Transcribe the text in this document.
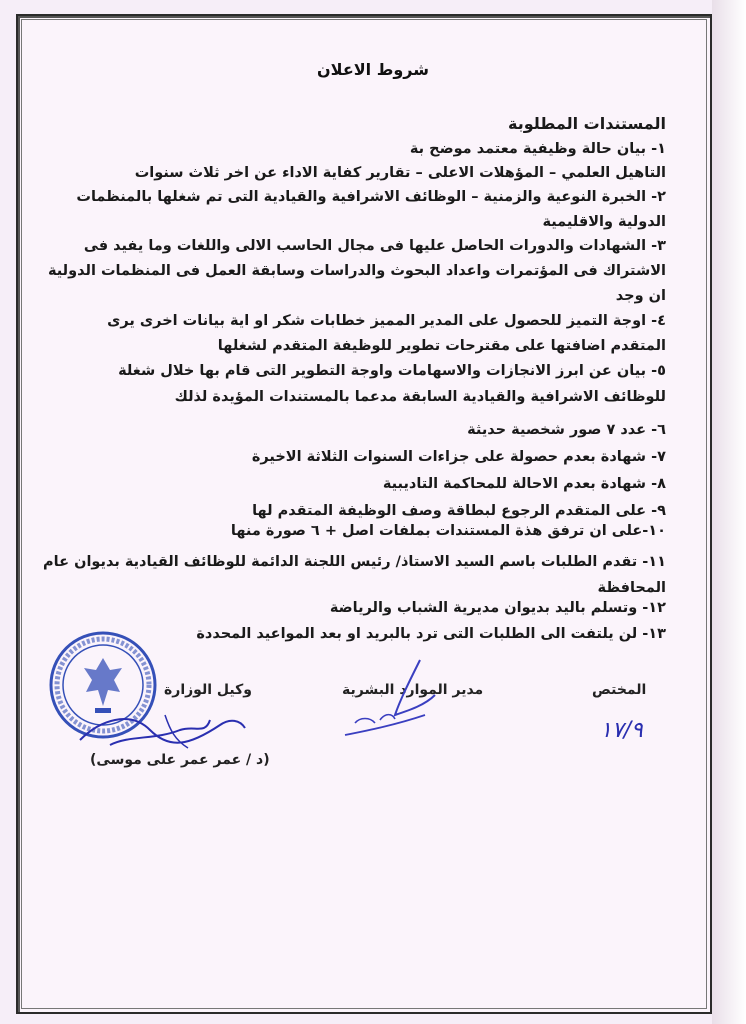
شروط الاعلان
المستندات المطلوبة
١- بيان حالة وظيفية معتمد موضح بة
التاهيل العلمي – المؤهلات الاعلى – تقارير كفاية الاداء عن اخر ثلاث سنوات
٢- الخبرة النوعية والزمنية – الوظائف الاشرافية والقيادية التى تم شغلها بالمنظمات
الدولية والاقليمية
٣- الشهادات والدورات الحاصل عليها فى مجال الحاسب الالى واللغات وما يفيد فى
الاشتراك فى المؤتمرات واعداد البحوث والدراسات وسابقة العمل فى المنظمات الدولية
ان وجد
٤- اوجة التميز للحصول على المدير المميز خطابات شكر او اية بيانات اخرى يرى
المتقدم اضافتها على مقترحات تطوير للوظيفة المتقدم لشغلها
٥- بيان عن ابرز الانجازات والاسهامات واوجة التطوير التى قام بها خلال شغلة
للوظائف الاشرافية والقيادية السابقة مدعما بالمستندات المؤيدة لذلك
٦- عدد ٧ صور شخصية حديثة
٧- شهادة بعدم حصولة على جزاءات السنوات الثلاثة الاخيرة
٨- شهادة بعدم الاحالة للمحاكمة التاديبية
٩- على المتقدم الرجوع لبطاقة وصف الوظيفة المتقدم لها
١٠-على ان ترفق هذة المستندات بملفات اصل + ٦ صورة منها
١١- تقدم الطلبات باسم السيد الاستاذ/ رئيس اللجنة الدائمة للوظائف القيادية بديوان عام
المحافظة
١٢- وتسلم باليد بديوان مديرية الشباب والرياضة
١٣- لن يلتفت الى الطلبات التى ترد بالبريد او بعد المواعيد المحددة
وكيل الوزارة	مدير الموارد البشرية	المختص
١٧/٩
(د / عمر عمر على موسى)
